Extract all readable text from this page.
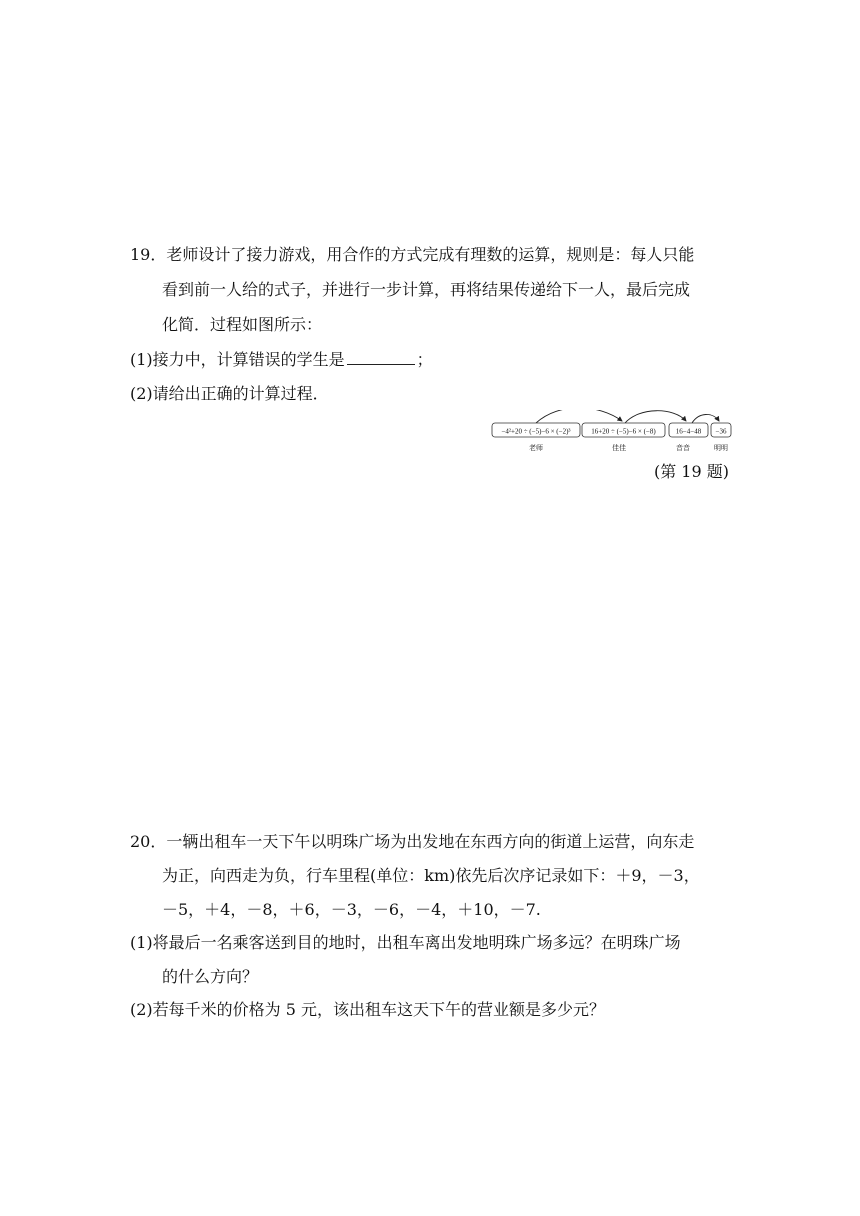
19．老师设计了接力游戏，用合作的方式完成有理数的运算，规则是：每人只能
看到前一人给的式子，并进行一步计算，再将结果传递给下一人，最后完成
化简．过程如图所示：
(1)接力中，计算错误的学生是	；
(2)请给出正确的计算过程．
−4²+20 ÷ (−5)−6 × (−2)³	16+20 ÷ (−5)−6 × (−8)	16−4−48 −36
老师	佳佳	音音	明明
(第 19 题)
20．一辆出租车一天下午以明珠广场为出发地在东西方向的街道上运营，向东走
为正，向西走为负，行车里程(单位：km)依先后次序记录如下：＋9，－3，
－5，＋4，－8，＋6，－3，－6，－4，＋10，－7.
(1)将最后一名乘客送到目的地时，出租车离出发地明珠广场多远？在明珠广场
的什么方向？
(2)若每千米的价格为 5 元，该出租车这天下午的营业额是多少元？
